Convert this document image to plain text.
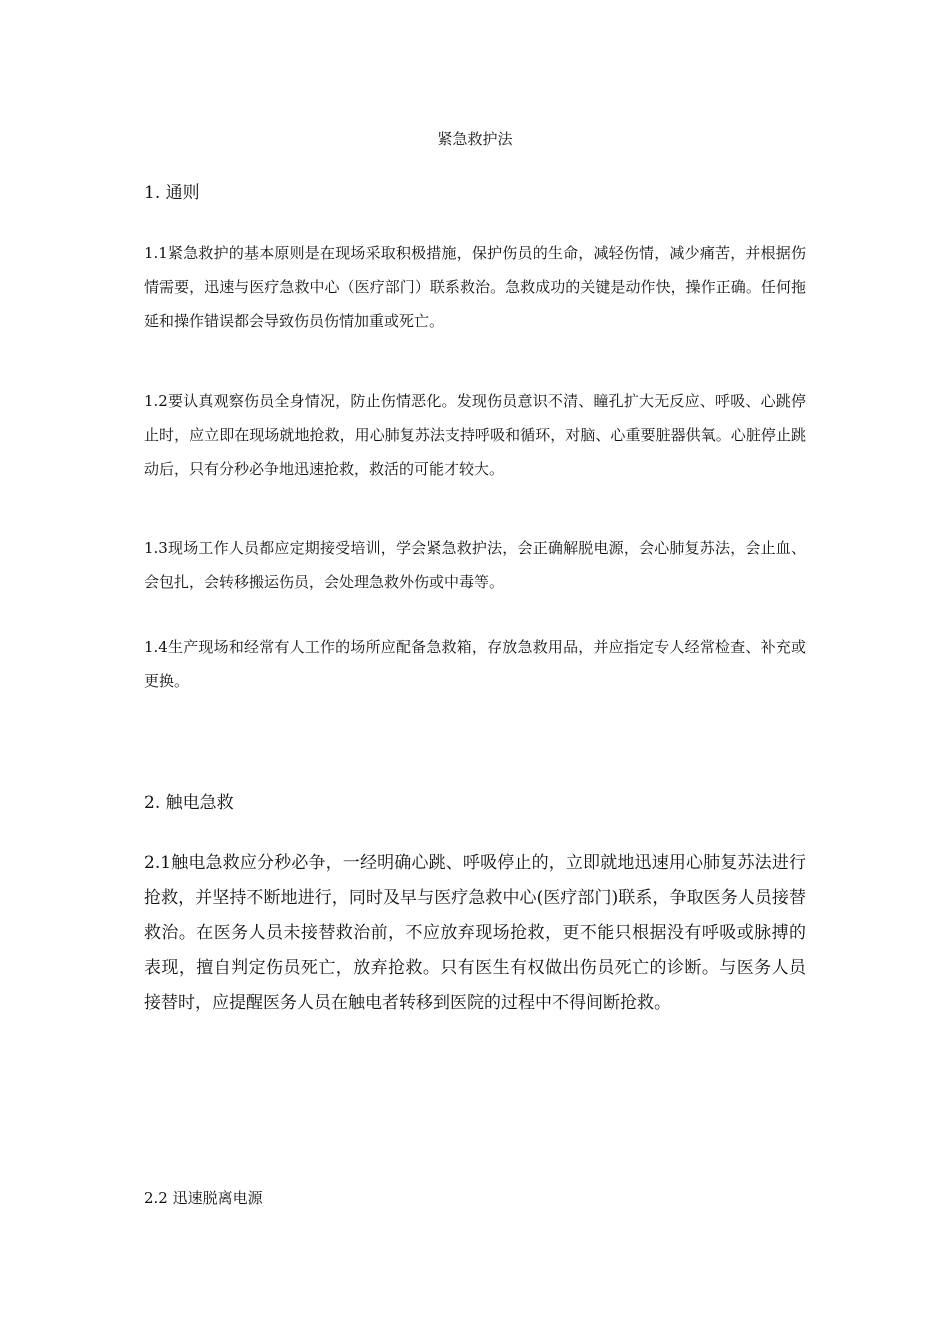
紧急救护法
1. 通则

1.1紧急救护的基本原则是在现场采取积极措施，保护伤员的生命，减轻伤情，减少痛苦，并根据伤情需要，迅速与医疗急救中心（医疗部门）联系救治。急救成功的关键是动作快，操作正确。任何拖延和操作错误都会导致伤员伤情加重或死亡。

1.2要认真观察伤员全身情况，防止伤情恶化。发现伤员意识不清、瞳孔扩大无反应、呼吸、心跳停止时，应立即在现场就地抢救，用心肺复苏法支持呼吸和循环，对脑、心重要脏器供氧。心脏停止跳动后，只有分秒必争地迅速抢救，救活的可能才较大。

1.3现场工作人员都应定期接受培训，学会紧急救护法，会正确解脱电源，会心肺复苏法，会止血、会包扎，会转移搬运伤员，会处理急救外伤或中毒等。

1.4生产现场和经常有人工作的场所应配备急救箱，存放急救用品，并应指定专人经常检查、补充或更换。

2. 触电急救

2.1触电急救应分秒必争，一经明确心跳、呼吸停止的，立即就地迅速用心肺复苏法进行抢救，并坚持不断地进行，同时及早与医疗急救中心(医疗部门)联系，争取医务人员接替救治。在医务人员未接替救治前，不应放弃现场抢救，更不能只根据没有呼吸或脉搏的表现，擅自判定伤员死亡，放弃抢救。只有医生有权做出伤员死亡的诊断。与医务人员接替时，应提醒医务人员在触电者转移到医院的过程中不得间断抢救。

2.2 迅速脱离电源
